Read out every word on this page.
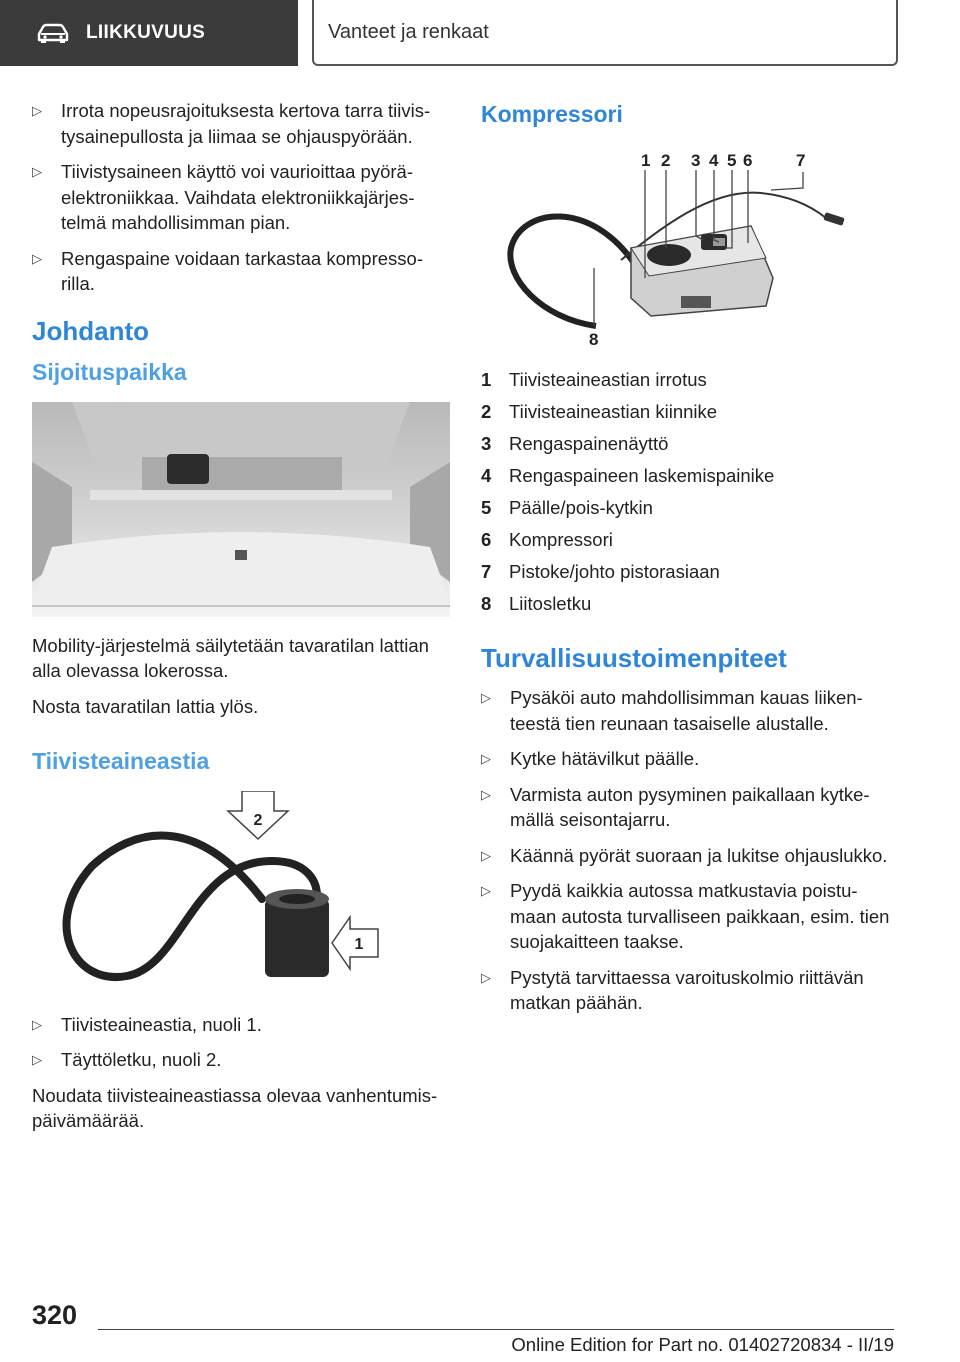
LIIKKUVUUS	Vanteet ja renkaat
▷ Irrota nopeusrajoituksesta kertova tarra tiivistysainepullosta ja liimaa se ohjauspyörään.
▷ Tiivistysaineen käyttö voi vaurioittaa pyöräelektroniikkaa. Vaihdata elektroniikkajärjestelmä mahdollisimman pian.
▷ Rengaspaine voidaan tarkastaa kompressorilla.
Johdanto
Sijoituspaikka

Mobility-järjestelmä säilytetään tavaratilan lattian alla olevassa lokerossa.

Nosta tavaratilan lattia ylös.

Tiivisteaineastia
2
1
▷ Tiivisteaineastia, nuoli 1.
▷ Täyttöletku, nuoli 2.

Noudata tiivisteaineastiassa olevaa vanhentumispäivämäärää.

Kompressori
1 2 3 4 5 6	7
8
1 Tiivisteaineastian irrotus
2 Tiivisteaineastian kiinnike
3 Rengaspainenäyttö
4 Rengaspaineen laskemispainike
5 Päälle/pois-kytkin
6 Kompressori
7 Pistoke/johto pistorasiaan
8 Liitosletku
Turvallisuustoimenpiteet
▷ Pysäköi auto mahdollisimman kauas liikenteestä tien reunaan tasaiselle alustalle.
▷ Kytke hätävilkut päälle.
▷ Varmista auton pysyminen paikallaan kytkemällä seisontajarru.
▷ Käännä pyörät suoraan ja lukitse ohjauslukko.
▷ Pyydä kaikkia autossa matkustavia poistumaan autosta turvalliseen paikkaan, esim. tien suojakaitteen taakse.
▷ Pystytä tarvittaessa varoituskolmio riittävän matkan päähän.
320
Online Edition for Part no. 01402720834 - II/19
